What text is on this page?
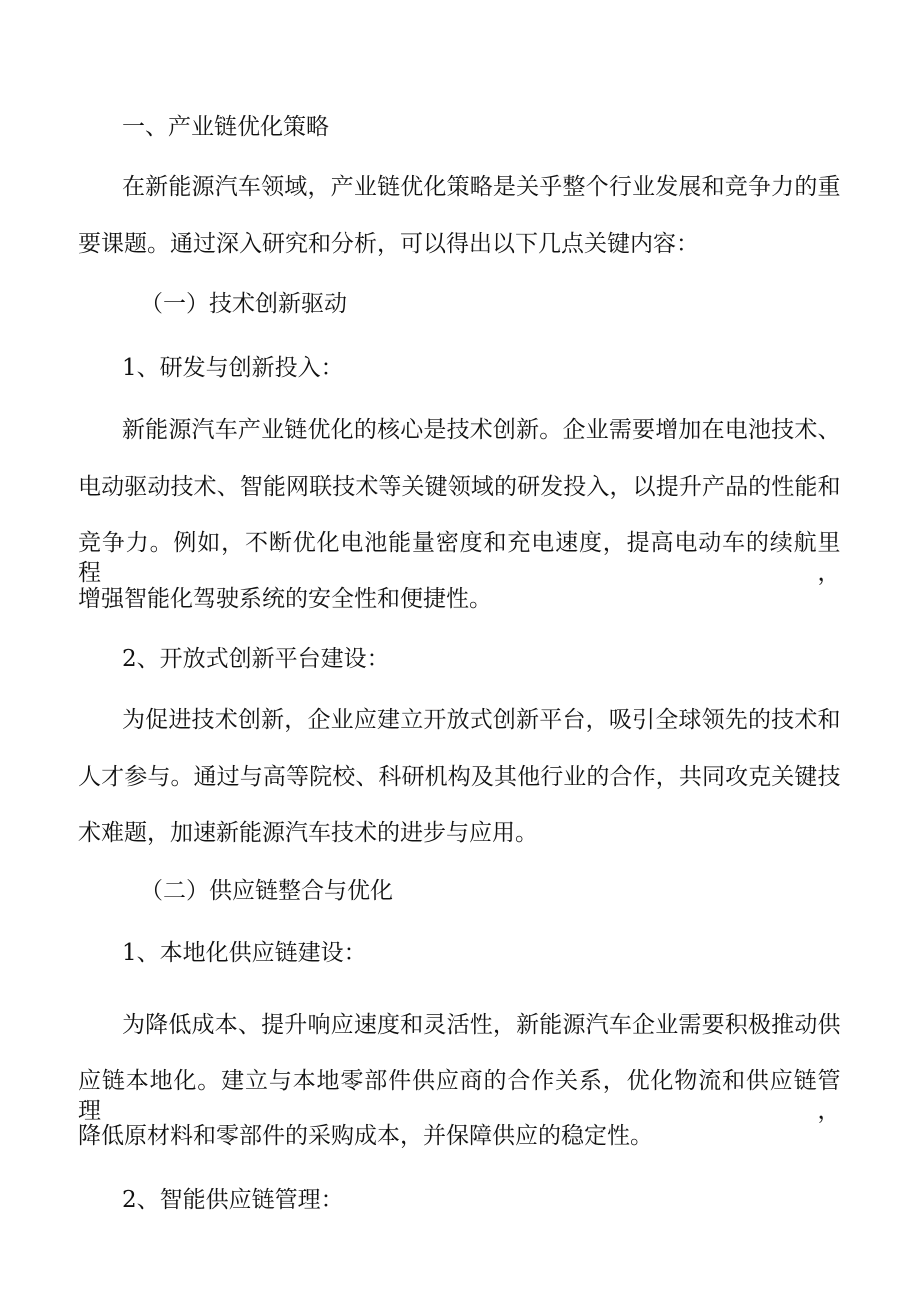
一、产业链优化策略
在新能源汽车领域，产业链优化策略是关乎整个行业发展和竞争力的重
要课题。通过深入研究和分析，可以得出以下几点关键内容：
（一）技术创新驱动
1、研发与创新投入：
新能源汽车产业链优化的核心是技术创新。企业需要增加在电池技术、
电动驱动技术、智能网联技术等关键领域的研发投入，以提升产品的性能和
竞争力。例如，不断优化电池能量密度和充电速度，提高电动车的续航里程，
增强智能化驾驶系统的安全性和便捷性。
2、开放式创新平台建设：
为促进技术创新，企业应建立开放式创新平台，吸引全球领先的技术和
人才参与。通过与高等院校、科研机构及其他行业的合作，共同攻克关键技
术难题，加速新能源汽车技术的进步与应用。
（二）供应链整合与优化
1、本地化供应链建设：
为降低成本、提升响应速度和灵活性，新能源汽车企业需要积极推动供
应链本地化。建立与本地零部件供应商的合作关系，优化物流和供应链管理，
降低原材料和零部件的采购成本，并保障供应的稳定性。
2、智能供应链管理：
